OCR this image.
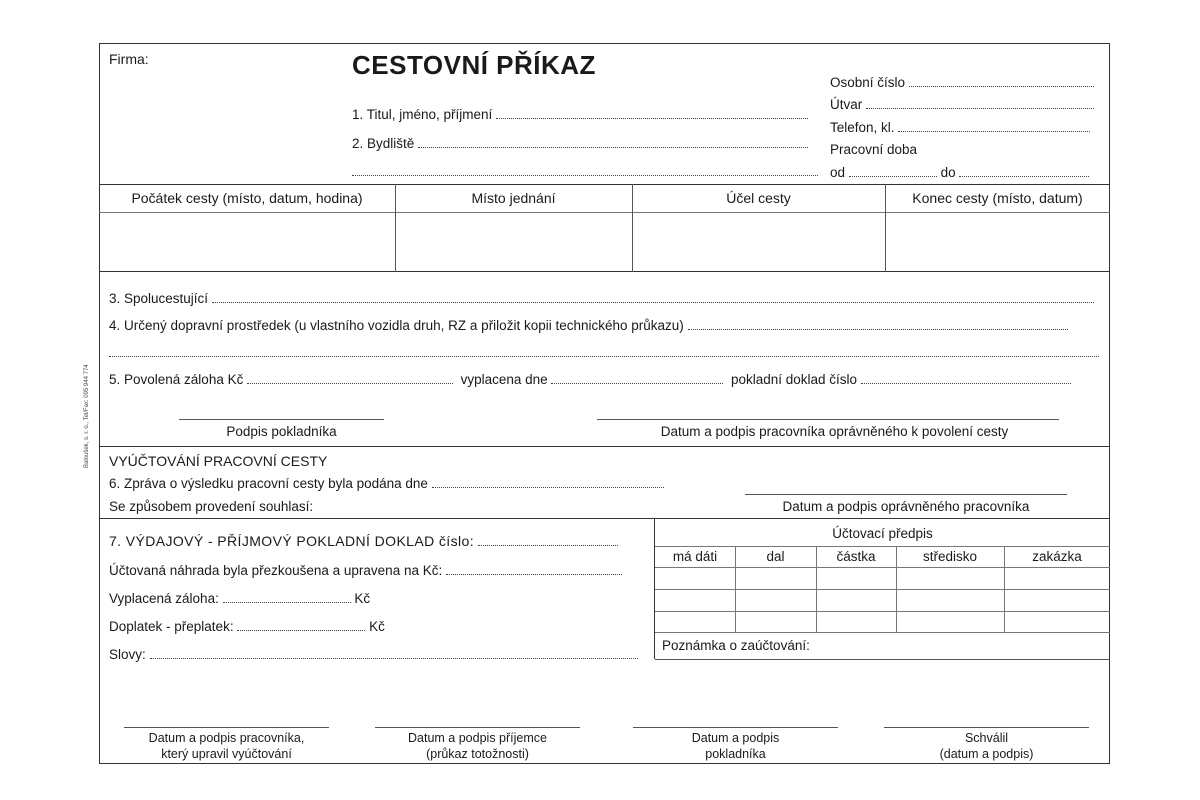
Baloušek, s. r. o., Tel/Fax: 095 944 774
Firma:	CESTOVNÍ PŘÍKAZ
1. Titul, jméno, příjmení
2. Bydliště
Osobní číslo
Útvar
Telefon, kl.
Pracovní doba
od	do
Počátek cesty (místo, datum, hodina)	Místo jednání	Účel cesty	Konec cesty (místo, datum)
3. Spolucestující
4. Určený dopravní prostředek (u vlastního vozidla druh, RZ a přiložit kopii technického průkazu)
5. Povolená záloha Kč	vyplacena dne	pokladní doklad číslo
Podpis pokladníka	Datum a podpis pracovníka oprávněného k povolení cesty
VYÚČTOVÁNÍ PRACOVNÍ CESTY
6. Zpráva o výsledku pracovní cesty byla podána dne
Se způsobem provedení souhlasí:	Datum a podpis oprávněného pracovníka
7. VÝDAJOVÝ - PŘÍJMOVÝ POKLADNÍ DOKLAD číslo:
Účtovaná náhrada byla přezkoušena a upravena na Kč:
Vyplacená záloha:	Kč
Doplatek - přeplatek:	Kč
Slovy:
Účtovací předpis
má dáti	dal	částka	středisko	zakázka
Poznámka o zaúčtování:
Datum a podpis pracovníka,
který upravil vyúčtování
Datum a podpis příjemce
(průkaz totožnosti)
Datum a podpis
pokladníka
Schválil
(datum a podpis)
